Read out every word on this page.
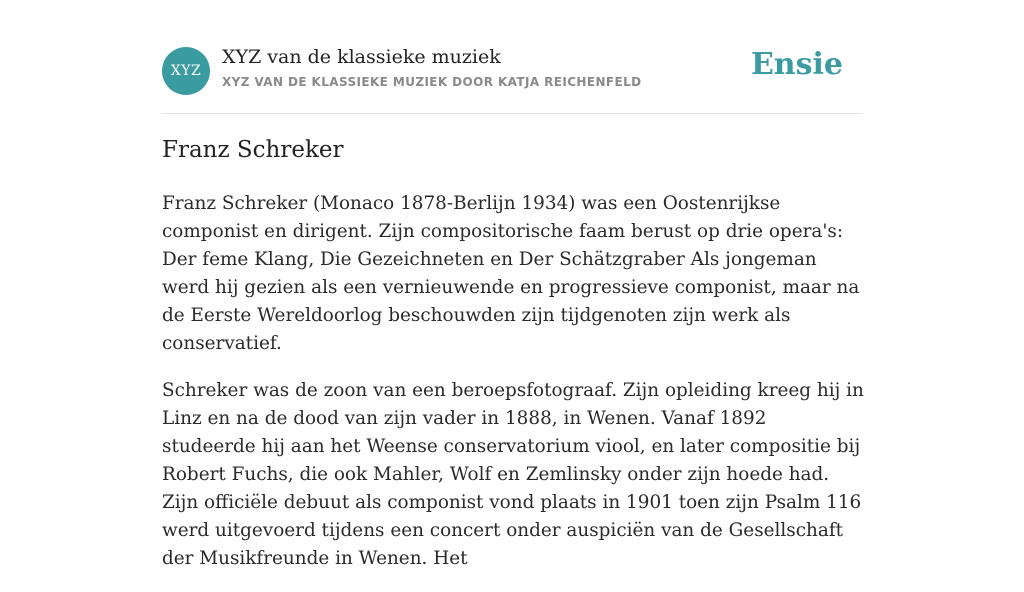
XYZ
XYZ van de klassieke muziek
XYZ VAN DE KLASSIEKE MUZIEK DOOR KATJA REICHENFELD	Ensie
Franz Schreker

Franz Schreker (Monaco 1878-Berlijn 1934) was een Oostenrijkse componist en dirigent. Zijn compositorische faam berust op drie opera's: Der feme Klang, Die Gezeichneten en Der Schätzgraber Als jongeman werd hij gezien als een vernieuwende en progressieve componist, maar na de Eerste Wereldoorlog beschouwden zijn tijdgenoten zijn werk als conservatief.

Schreker was de zoon van een beroepsfotograaf. Zijn opleiding kreeg hij in Linz en na de dood van zijn vader in 1888, in Wenen. Vanaf 1892 studeerde hij aan het Weense conservatorium viool, en later compositie bij Robert Fuchs, die ook Mahler, Wolf en Zemlinsky onder zijn hoede had. Zijn officiële debuut als componist vond plaats in 1901 toen zijn Psalm 116 werd uitgevoerd tijdens een concert onder auspiciën van de Gesellschaft der Musikfreunde in Wenen. Het
